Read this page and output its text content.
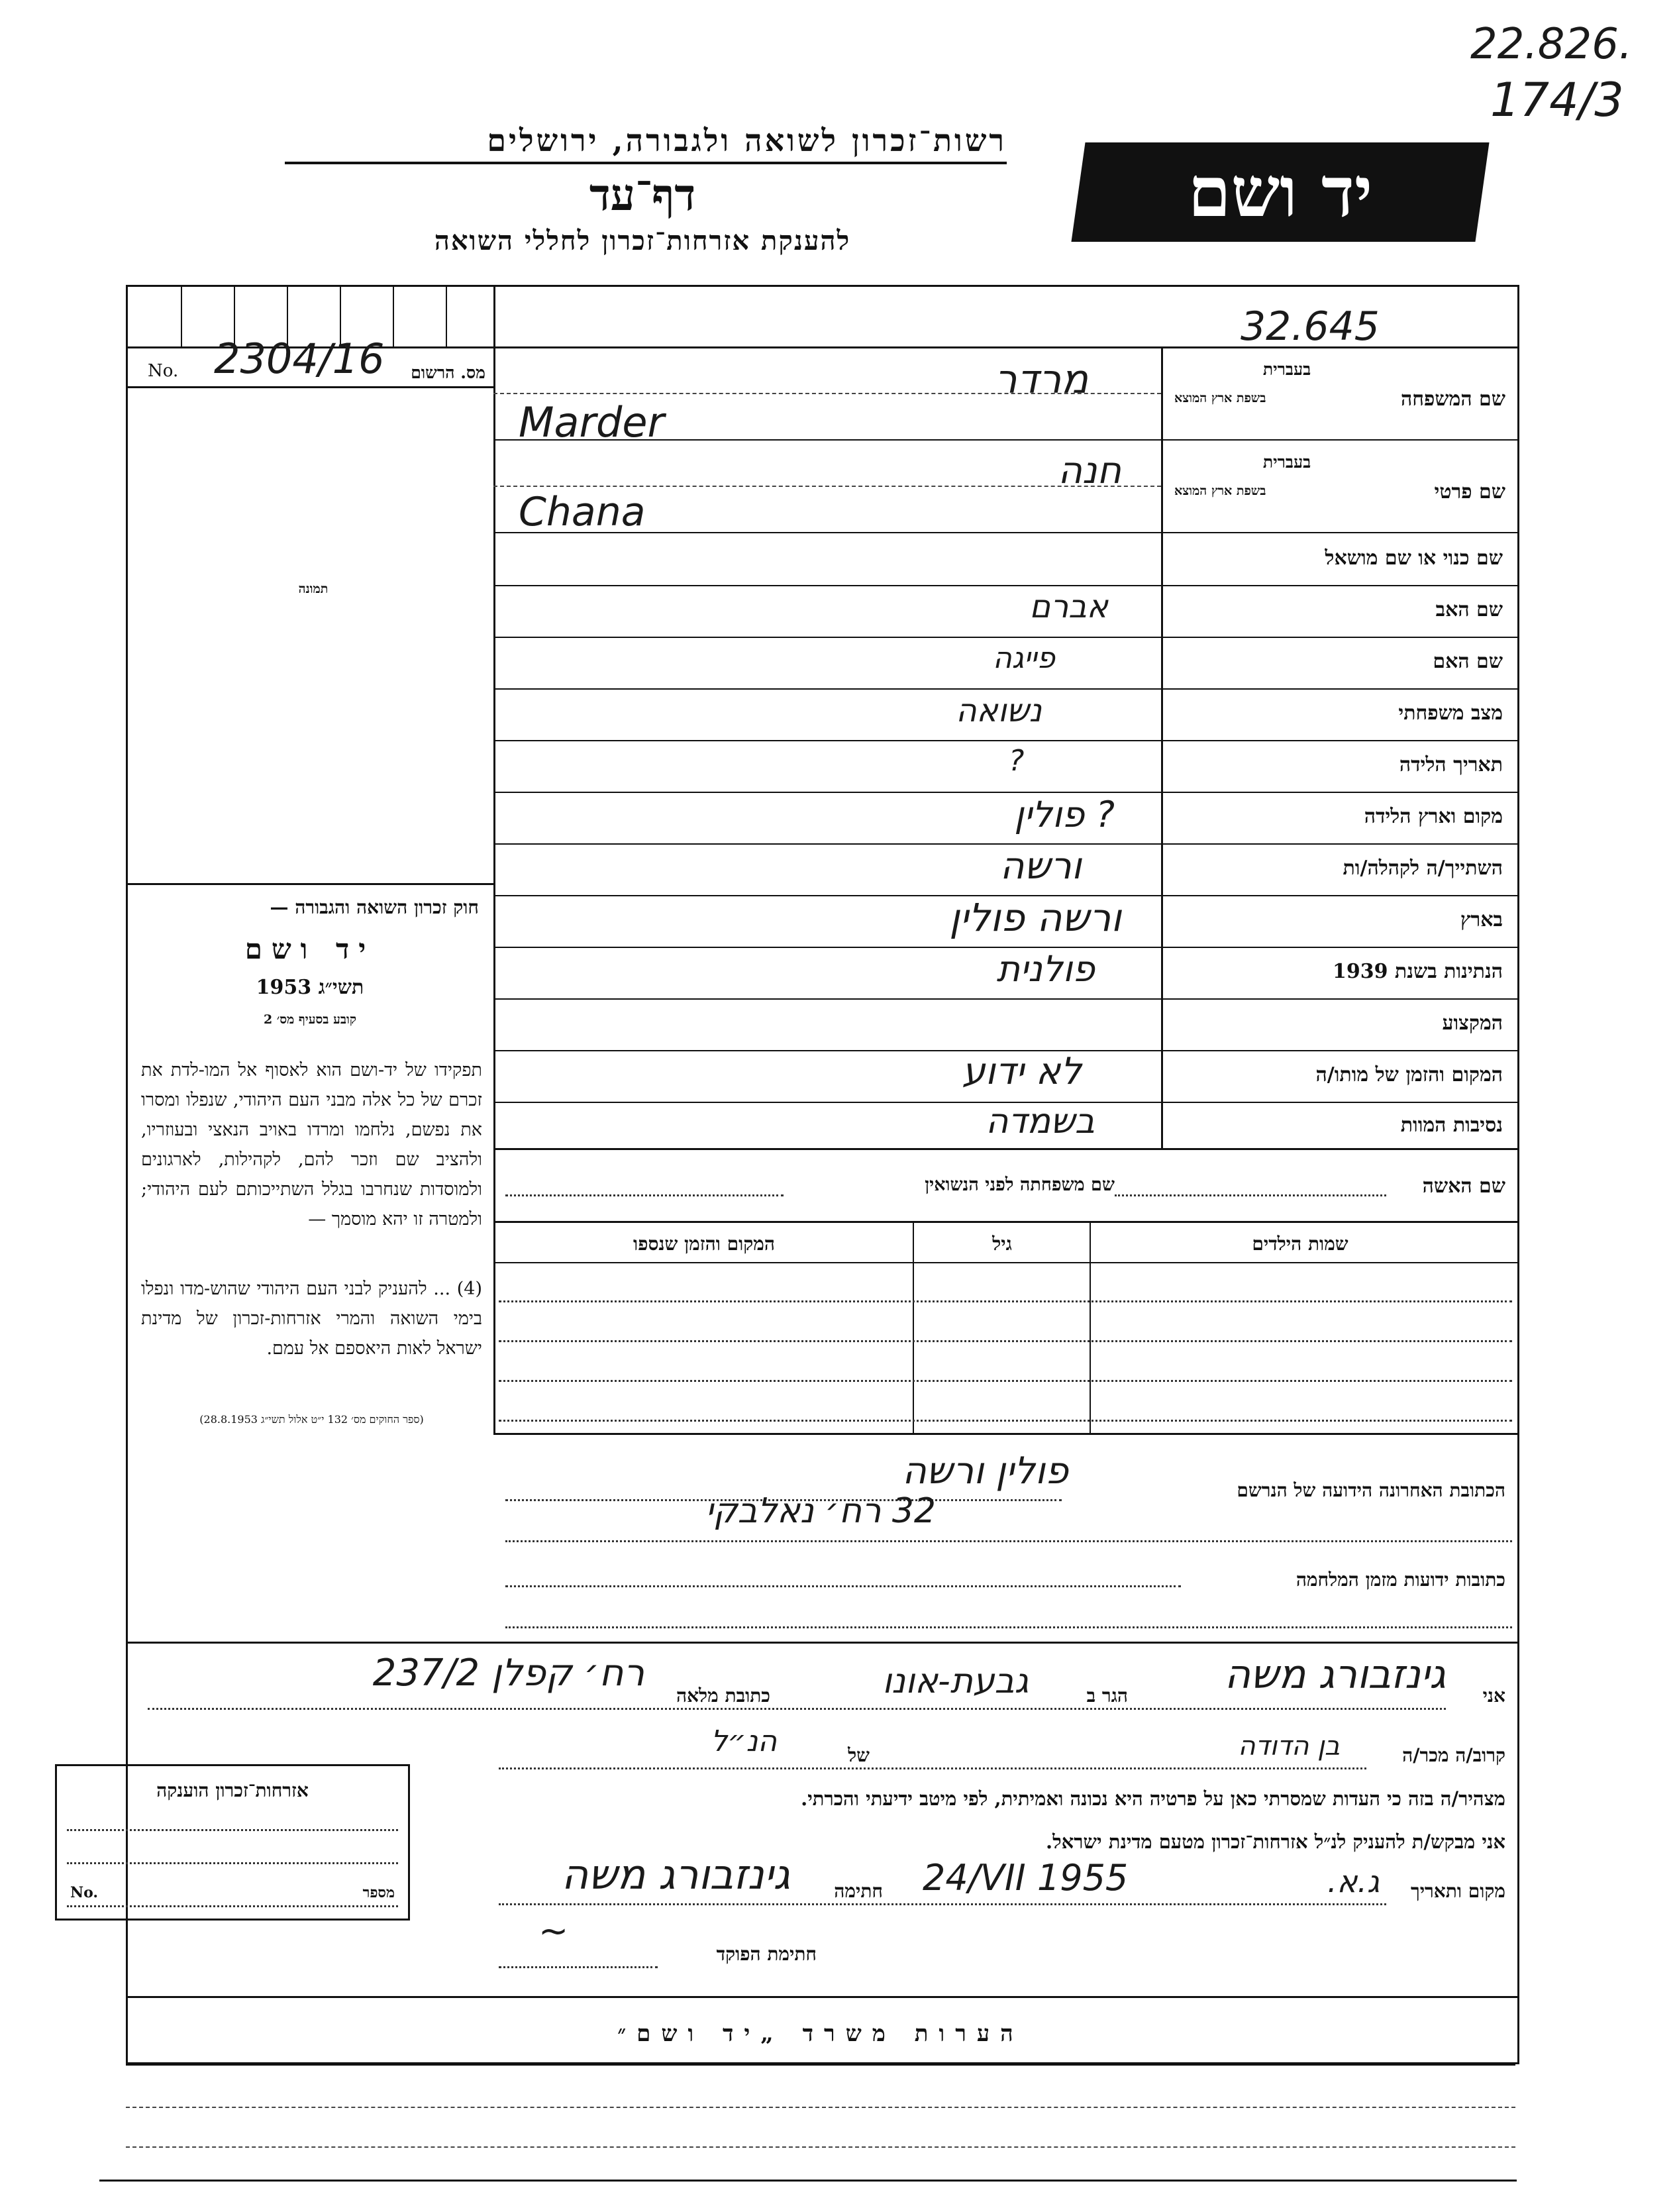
22.826.
174/3
רשות־זכרון לשואה ולגבורה, ירושלים
דף־עד
להענקת אזרחות־זכרון לחללי השואה
יד ושם
32.645
No. 2304/16	מס. הרשום
תמונה
חוק זכרון השואה והגבורה —
יד ושם
תשי״ג 1953
קובע בסעיף מס׳ 2
תפקידו של יד-ושם הוא לאסוף אל המו-לדת את זכרם של כל אלה מבני העם היהודי, שנפלו ומסרו את נפשם, נלחמו ומרדו באויב הנאצי ובעוזריו, ולהציב שם וזכר להם, לקהילות, לארגונים ולמוסדות שנחרבו בגלל השתייכותם לעם היהודי; ולמטרה זו יהא מוסמך —
(4) ... להעניק לבני העם היהודי שהוש-מדו ונפלו בימי השואה והמרי אזרחות-זכרון של מדינת ישראל לאות היאספם אל עמם.
(ספר החוקים מס׳ 132 י״ט אלול תשי״ג 28.8.1953)
בעברית
שם המשפחה
בשפת ארץ המוצא
מרדר
Marder
בעברית
שם פרטי
בשפת ארץ המוצא
חנה
Chana
שם כנוי או שם מושאל
שם האב
אברם
שם האם
פייגה
מצב משפחתי
נשואה
תאריך הלידה
?
מקום וארץ הלידה
? פולין
השתייך/ה לקהלה/ות
ורשה
בארץ
ורשה פולין
הנתינות בשנת 1939
פולנית
המקצוע
המקום והזמן של מותו/ה
לא ידוע
נסיבות המוות
בשמדה
שם האשה
שם משפחתה לפני הנשואין
שמות הילדים
גיל
המקום והזמן שנספו
הכתובת האחרונה הידועה של הנרשם
פולין ורשה
32 רח׳ נאלבקי
כתובות ידועות מזמן המלחמה
אני
גינזבורג משה
הגר ב
גבעת-אונו
כתובת מלאה
רח׳ קפלן 237/2
קרוב/ה מכר/ה
בן הדודה
של
הנ״ל
מצהיר/ה בזה כי העדות שמסרתי כאן על פרטיה היא נכונה ואמיתית, לפי מיטב ידיעתי והכרתי.
אני מבקש/ת להעניק לנ״ל אזרחות־זכרון מטעם מדינת ישראל.
מקום ותאריך
ג.א.
24/VII 1955
חתימה
גינזבורג משה
חתימת הפוקד
~
אזרחות־זכרון הוענקה
No.	מספר
הערות משרד „יד ושם״
